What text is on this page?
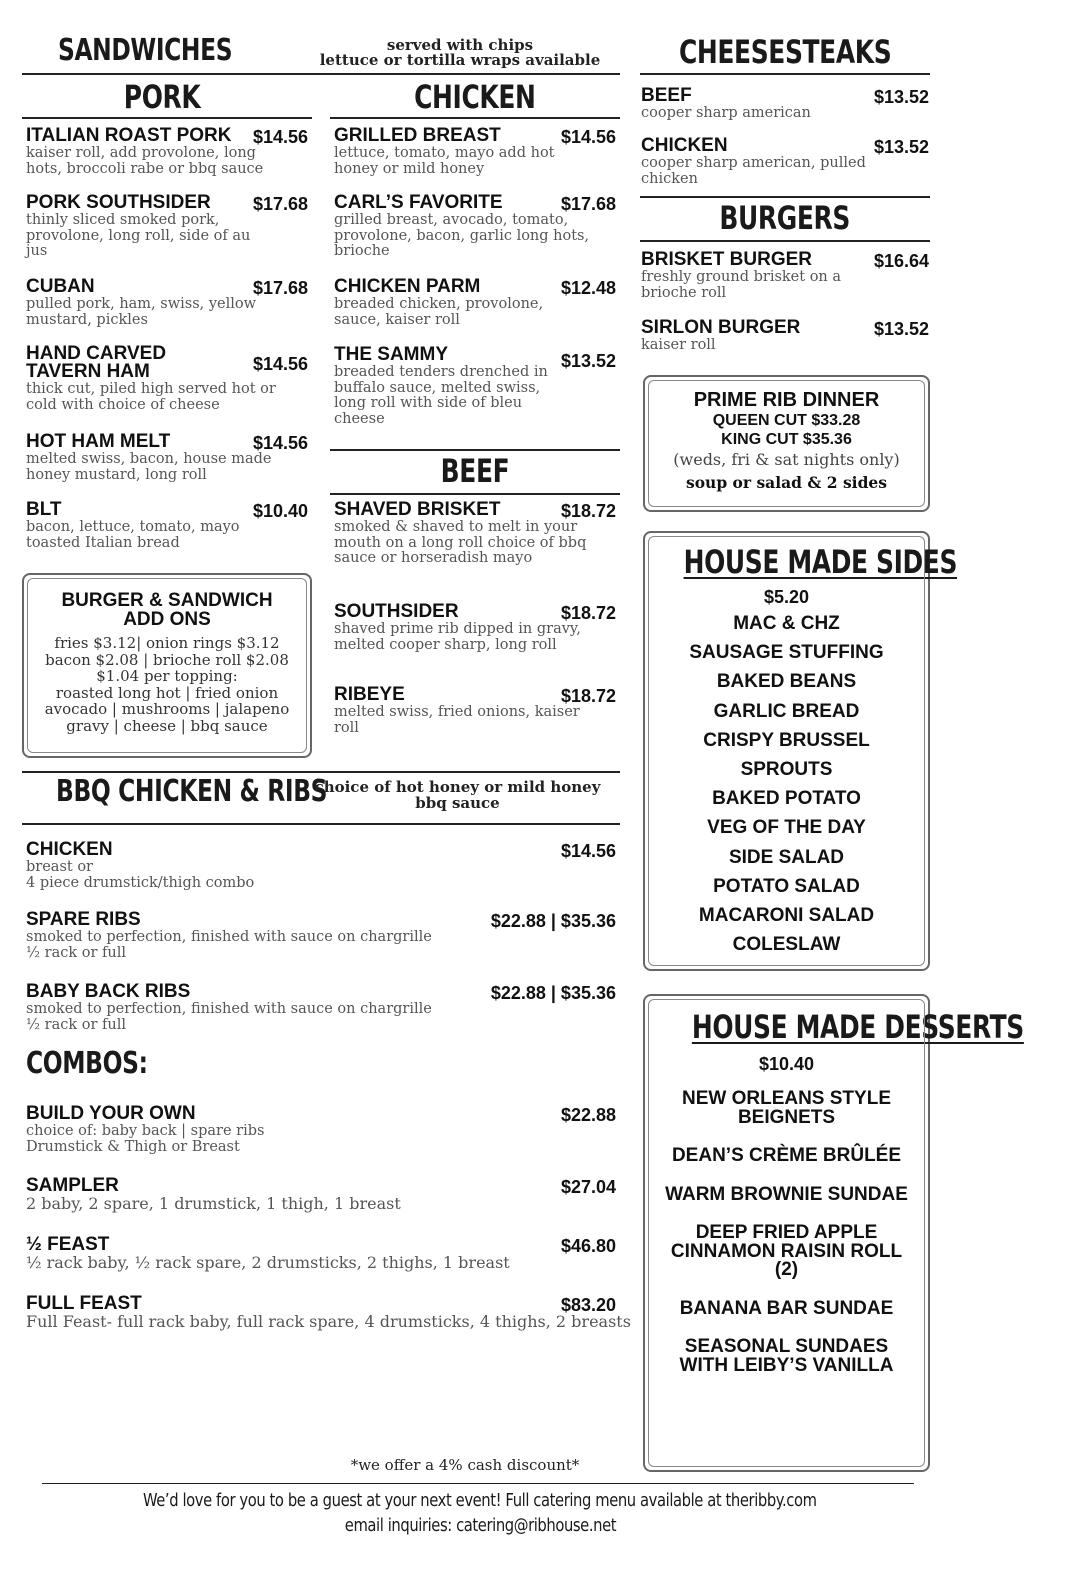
SANDWICHES	served with chips
lettuce or tortilla wraps available
PORK	CHICKEN
ITALIAN ROAST PORK	$14.56
kaiser roll, add provolone, long hots, broccoli rabe or bbq sauce
PORK SOUTHSIDER	$17.68
thinly sliced smoked pork, provolone, long roll, side of au jus
CUBAN	$17.68
pulled pork, ham, swiss, yellow mustard, pickles
HAND CARVED TAVERN HAM	$14.56
thick cut, piled high served hot or cold with choice of cheese
HOT HAM MELT	$14.56
melted swiss, bacon, house made honey mustard, long roll
BLT	$10.40
bacon, lettuce, tomato, mayo toasted Italian bread
GRILLED BREAST	$14.56
lettuce, tomato, mayo add hot honey or mild honey
CARL’S FAVORITE	$17.68
grilled breast, avocado, tomato, provolone, bacon, garlic long hots, brioche
CHICKEN PARM	$12.48
breaded chicken, provolone, sauce, kaiser roll
THE SAMMY	$13.52
breaded tenders drenched in buffalo sauce, melted swiss, long roll with side of bleu cheese
BEEF
SHAVED BRISKET	$18.72
smoked & shaved to melt in your mouth on a long roll choice of bbq sauce or horseradish mayo
SOUTHSIDER	$18.72
shaved prime rib dipped in gravy, melted cooper sharp, long roll
RIBEYE	$18.72
melted swiss, fried onions, kaiser roll
BURGER & SANDWICH
ADD ONS
fries $3.12| onion rings $3.12
bacon $2.08 | brioche roll $2.08
$1.04 per topping:
roasted long hot | fried onion
avocado | mushrooms | jalapeno
gravy | cheese | bbq sauce
BBQ CHICKEN & RIBS
choice of hot honey or mild honey
bbq sauce
CHICKEN	$14.56
breast or
4 piece drumstick/thigh combo
SPARE RIBS	$22.88 | $35.36
smoked to perfection, finished with sauce on chargrille
½ rack or full
BABY BACK RIBS	$22.88 | $35.36
smoked to perfection, finished with sauce on chargrille
½ rack or full
COMBOS:
BUILD YOUR OWN	$22.88
choice of: baby back | spare ribs
Drumstick & Thigh or Breast
SAMPLER	$27.04
2 baby, 2 spare, 1 drumstick, 1 thigh, 1 breast
½ FEAST	$46.80
½ rack baby, ½ rack spare, 2 drumsticks, 2 thighs, 1 breast
FULL FEAST	$83.20
Full Feast- full rack baby, full rack spare, 4 drumsticks, 4 thighs, 2 breasts
CHEESESTEAKS
BEEF	$13.52
cooper sharp american
CHICKEN	$13.52
cooper sharp american, pulled chicken
BURGERS
BRISKET BURGER	$16.64
freshly ground brisket on a brioche roll
SIRLON BURGER	$13.52
kaiser roll
PRIME RIB DINNER
QUEEN CUT $33.28
KING CUT $35.36
(weds, fri & sat nights only)
soup or salad & 2 sides
HOUSE MADE SIDES
$5.20
MAC & CHZ
SAUSAGE STUFFING
BAKED BEANS
GARLIC BREAD
CRISPY BRUSSEL
SPROUTS
BAKED POTATO
VEG OF THE DAY
SIDE SALAD
POTATO SALAD
MACARONI SALAD
COLESLAW
HOUSE MADE DESSERTS
$10.40
NEW ORLEANS STYLE BEIGNETS
DEAN’S CRÈME BRÛLÉE
WARM BROWNIE SUNDAE
DEEP FRIED APPLE CINNAMON RAISIN ROLL (2)
BANANA BAR SUNDAE
SEASONAL SUNDAES WITH LEIBY’S VANILLA
*we offer a 4% cash discount*
We’d love for you to be a guest at your next event! Full catering menu available at theribby.com
email inquiries: catering@ribhouse.net
